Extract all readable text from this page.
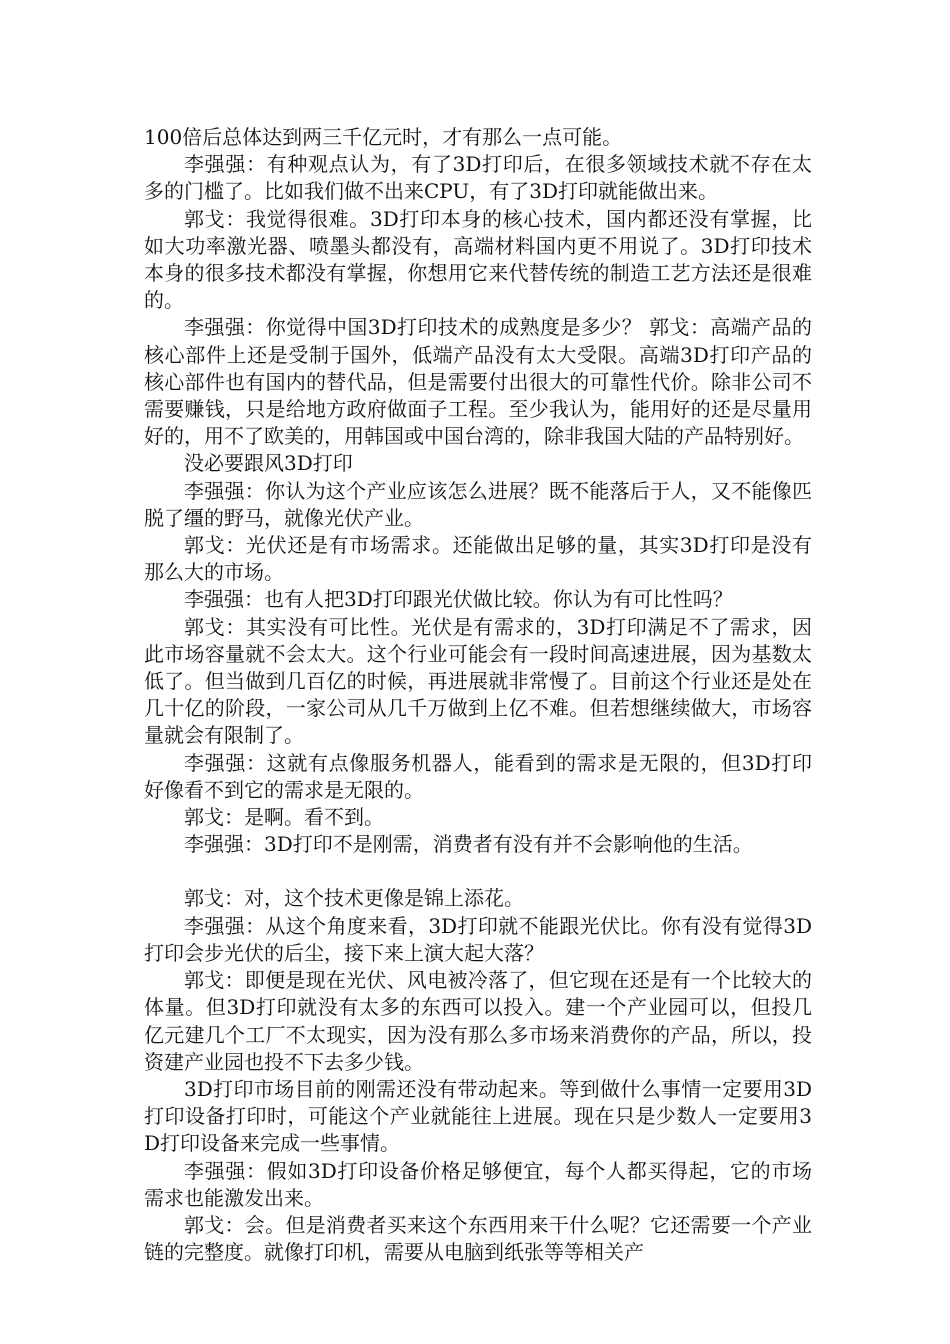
100倍后总体达到两三千亿元时，才有那么一点可能。

李强强：有种观点认为，有了3D打印后，在很多领域技术就不存在太多的门槛了。比如我们做不出来CPU，有了3D打印就能做出来。

郭戈：我觉得很难。3D打印本身的核心技术，国内都还没有掌握，比如大功率激光器、喷墨头都没有，高端材料国内更不用说了。3D打印技术本身的很多技术都没有掌握，你想用它来代替传统的制造工艺方法还是很难的。

李强强：你觉得中国3D打印技术的成熟度是多少？ 郭戈：高端产品的核心部件上还是受制于国外，低端产品没有太大受限。高端3D打印产品的核心部件也有国内的替代品，但是需要付出很大的可靠性代价。除非公司不需要赚钱，只是给地方政府做面子工程。至少我认为，能用好的还是尽量用好的，用不了欧美的，用韩国或中国台湾的，除非我国大陆的产品特别好。

没必要跟风3D打印

李强强：你认为这个产业应该怎么进展？既不能落后于人，又不能像匹脱了缰的野马，就像光伏产业。

郭戈：光伏还是有市场需求。还能做出足够的量，其实3D打印是没有那么大的市场。

李强强：也有人把3D打印跟光伏做比较。你认为有可比性吗？

郭戈：其实没有可比性。光伏是有需求的，3D打印满足不了需求，因此市场容量就不会太大。这个行业可能会有一段时间高速进展，因为基数太低了。但当做到几百亿的时候，再进展就非常慢了。目前这个行业还是处在几十亿的阶段，一家公司从几千万做到上亿不难。但若想继续做大，市场容量就会有限制了。

李强强：这就有点像服务机器人，能看到的需求是无限的，但3D打印好像看不到它的需求是无限的。

郭戈：是啊。看不到。

李强强：3D打印不是刚需，消费者有没有并不会影响他的生活。

郭戈：对，这个技术更像是锦上添花。

李强强：从这个角度来看，3D打印就不能跟光伏比。你有没有觉得3D打印会步光伏的后尘，接下来上演大起大落？

郭戈：即便是现在光伏、风电被冷落了，但它现在还是有一个比较大的体量。但3D打印就没有太多的东西可以投入。建一个产业园可以，但投几亿元建几个工厂不太现实，因为没有那么多市场来消费你的产品，所以，投资建产业园也投不下去多少钱。

3D打印市场目前的刚需还没有带动起来。等到做什么事情一定要用3D打印设备打印时，可能这个产业就能往上进展。现在只是少数人一定要用3D打印设备来完成一些事情。

李强强：假如3D打印设备价格足够便宜，每个人都买得起，它的市场需求也能激发出来。

郭戈：会。但是消费者买来这个东西用来干什么呢？它还需要一个产业链的完整度。就像打印机，需要从电脑到纸张等等相关产
